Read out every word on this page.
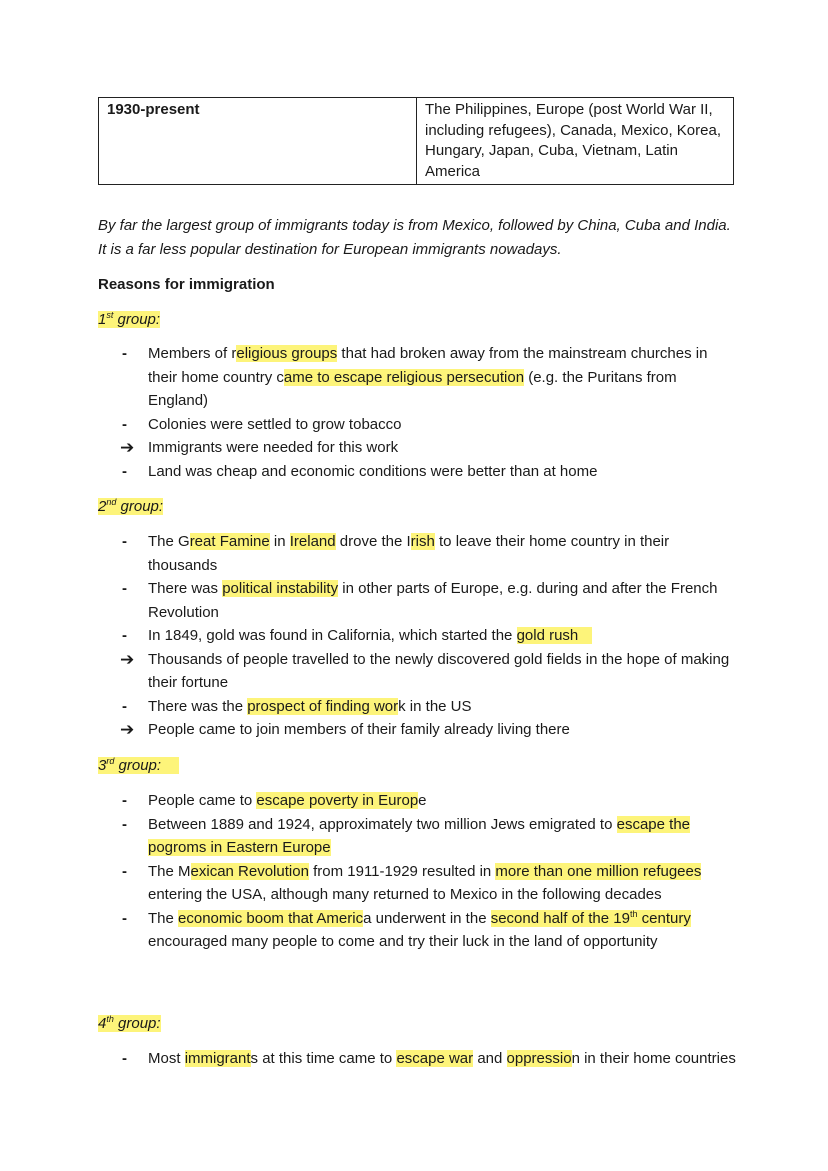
1930-present	The Philippines, Europe (post World War II, including refugees), Canada, Mexico, Korea, Hungary, Japan, Cuba, Vietnam, Latin America
By far the largest group of immigrants today is from Mexico, followed by China, Cuba and India. It is a far less popular destination for European immigrants nowadays.
Reasons for immigration
1st group:
-	Members of religious groups that had broken away from the mainstream churches in their home country came to escape religious persecution (e.g. the Puritans from England)
-	Colonies were settled to grow tobacco
➔ Immigrants were needed for this work
-	Land was cheap and economic conditions were better than at home
2nd group:
-	The Great Famine in Ireland drove the Irish to leave their home country in their thousands
-	There was political instability in other parts of Europe, e.g. during and after the French Revolution
-	In 1849, gold was found in California, which started the gold rush
➔ Thousands of people travelled to the newly discovered gold fields in the hope of making their fortune
-	There was the prospect of finding work in the US
➔ People came to join members of their family already living there
3rd group:
-	People came to escape poverty in Europe
-	Between 1889 and 1924, approximately two million Jews emigrated to escape the pogroms in Eastern Europe
-	The Mexican Revolution from 1911-1929 resulted in more than one million refugees entering the USA, although many returned to Mexico in the following decades
-	The economic boom that America underwent in the second half of the 19th century encouraged many people to come and try their luck in the land of opportunity
4th group:
-	Most immigrants at this time came to escape war and oppression in their home countries
